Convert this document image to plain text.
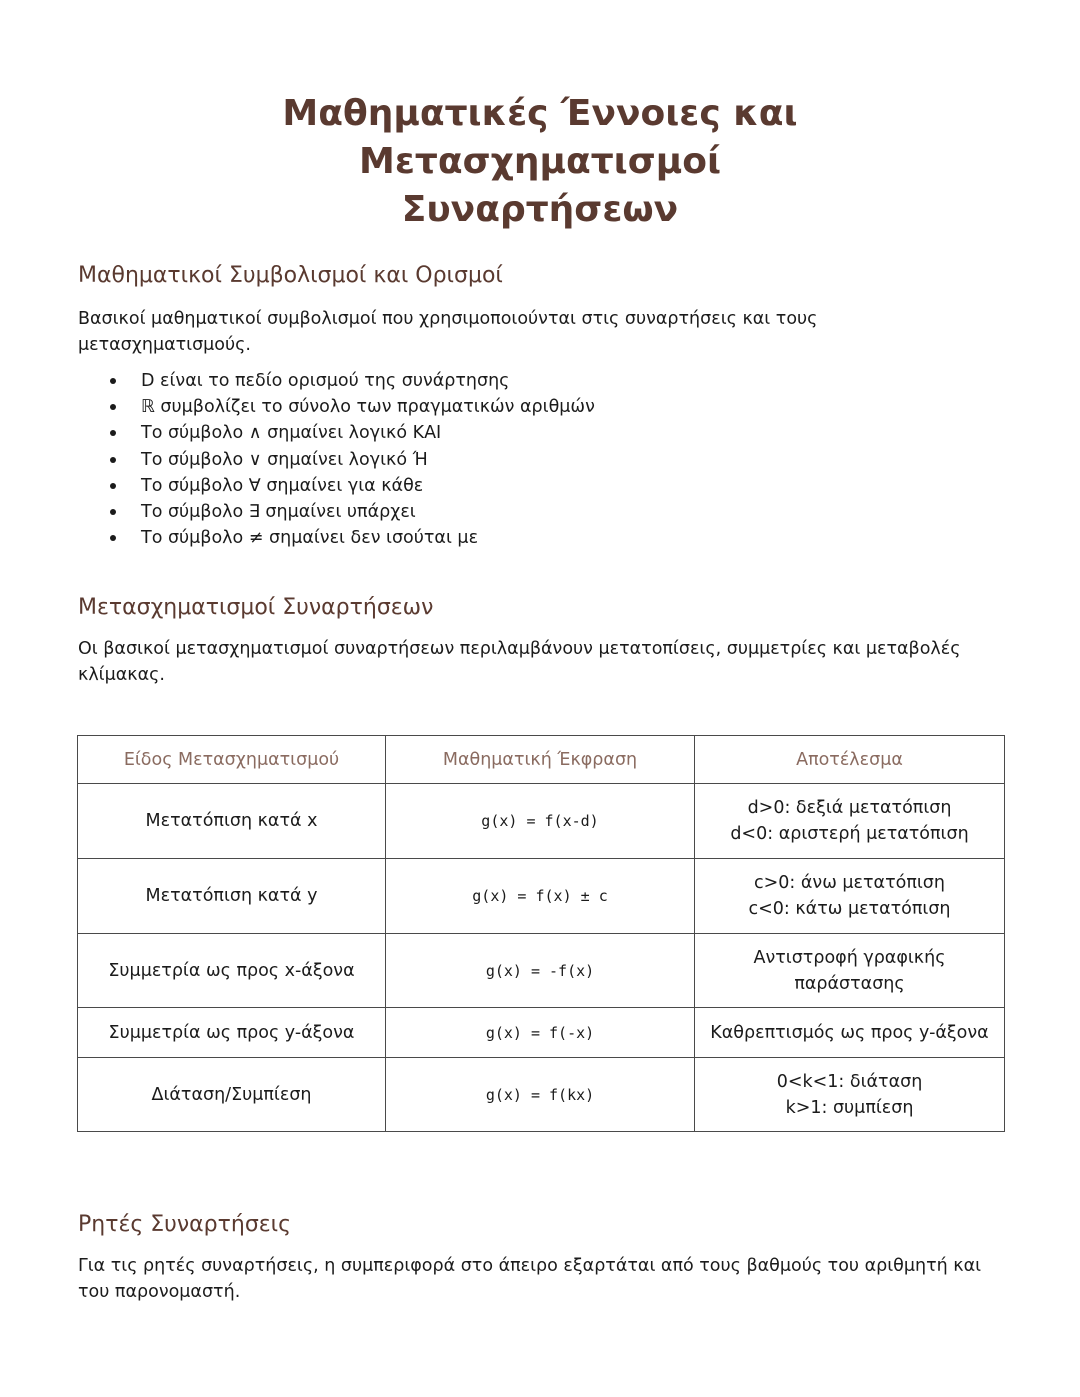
Μαθηματικές Έννοιες και Μετασχηματισμοί
Συναρτήσεων
Μαθηματικοί Συμβολισμοί και Ορισμοί

Βασικοί μαθηματικοί συμβολισμοί που χρησιμοποιούνται στις συναρτήσεις και τους
μετασχηματισμούς.

D είναι το πεδίο ορισμού της συνάρτησης
ℝ συμβολίζει το σύνολο των πραγματικών αριθμών
Το σύμβολο ∧ σημαίνει λογικό ΚΑΙ
Το σύμβολο ∨ σημαίνει λογικό Ή
Το σύμβολο ∀ σημαίνει για κάθε
Το σύμβολο ∃ σημαίνει υπάρχει
Το σύμβολο ≠ σημαίνει δεν ισούται με
Μετασχηματισμοί Συναρτήσεων

Οι βασικοί μετασχηματισμοί συναρτήσεων περιλαμβάνουν μετατοπίσεις, συμμετρίες και μεταβολές
κλίμακας.

Είδος Μετασχηματισμού	Μαθηματική Έκφραση	Αποτέλεσμα
Μετατόπιση κατά x	g(x) = f(x-d)	d>0: δεξιά μετατόπιση
d<0: αριστερή μετατόπιση

Μετατόπιση κατά y	g(x) = f(x) ± c	c>0: άνω μετατόπιση
c<0: κάτω μετατόπιση

Συμμετρία ως προς x-άξονα	g(x) = -f(x)	Αντιστροφή γραφικής
παράστασης

Συμμετρία ως προς y-άξονα	g(x) = f(-x)	Καθρεπτισμός ως προς y-άξονα

Διάταση/Συμπίεση	g(x) = f(kx)	0<k<1: διάταση
k>1: συμπίεση
Ρητές Συναρτήσεις

Για τις ρητές συναρτήσεις, η συμπεριφορά στο άπειρο εξαρτάται από τους βαθμούς του αριθμητή και
του παρονομαστή.
